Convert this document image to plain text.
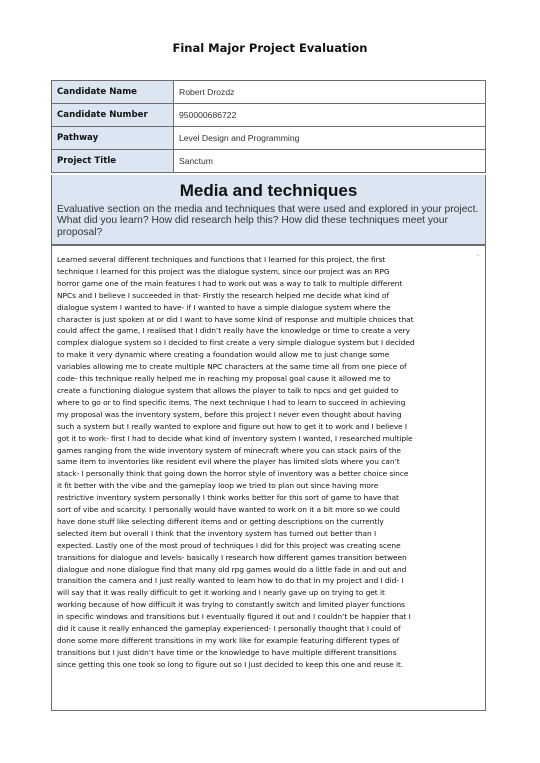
Final Major Project Evaluation
Candidate Name	Robert Drozdz
Candidate Number	950000686722
Pathway	Level Design and Programming
Project Title	Sanctum
Media and techniques
Evaluative section on the media and techniques that were used and explored in your project. What did you learn? How did research help this? How did these techniques meet your proposal?
⌄
Learned several different techniques and functions that I learned for this project, the first
technique I learned for this project was the dialogue system, since our project was an RPG
horror game one of the main features I had to work out was a way to talk to multiple different
NPCs and I believe I succeeded in that- Firstly the research helped me decide what kind of
dialogue system I wanted to have- if I wanted to have a simple dialogue system where the
character is just spoken at or did I want to have some kind of response and multiple choices that
could affect the game, I realised that I didn’t really have the knowledge or time to create a very
complex dialogue system so I decided to first create a very simple dialogue system but I decided
to make it very dynamic where creating a foundation would allow me to just change some
variables allowing me to create multiple NPC characters at the same time all from one piece of
code- this technique really helped me in reaching my proposal goal cause it allowed me to
create a functioning dialogue system that allows the player to talk to npcs and get guided to
where to go or to find specific items. The next technique I had to learn to succeed in achieving
my proposal was the inventory system, before this project I never even thought about having
such a system but I really wanted to explore and figure out how to get it to work and I believe I
got it to work- first I had to decide what kind of inventory system I wanted, I researched multiple
games ranging from the wide inventory system of minecraft where you can stack pairs of the
same item to inventories like resident evil where the player has limited slots where you can’t
stack- I personally think that going down the horror style of inventory was a better choice since
it fit better with the vibe and the gameplay loop we tried to plan out since having more
restrictive inventory system personally I think works better for this sort of game to have that
sort of vibe and scarcity. I personally would have wanted to work on it a bit more so we could
have done stuff like selecting different items and or getting descriptions on the currently
selected item but overall I think that the inventory system has turned out better than I
expected. Lastly one of the most proud of techniques I did for this project was creating scene
transitions for dialogue and levels- basically I research how different games transition between
dialogue and none dialogue find that many old rpg games would do a little fade in and out and
transition the camera and I just really wanted to learn how to do that in my project and I did- I
will say that it was really difficult to get it working and I nearly gave up on trying to get it
working because of how difficult it was trying to constantly switch and limited player functions
in specific windows and transitions but I eventually figured it out and I couldn’t be happier that I
did it cause it really enhanced the gameplay experienced- I personally thought that I could of
done some more different transitions in my work like for example featuring different types of
transitions but I just didn’t have time or the knowledge to have multiple different transitions
since getting this one took so long to figure out so I just decided to keep this one and reuse it.
